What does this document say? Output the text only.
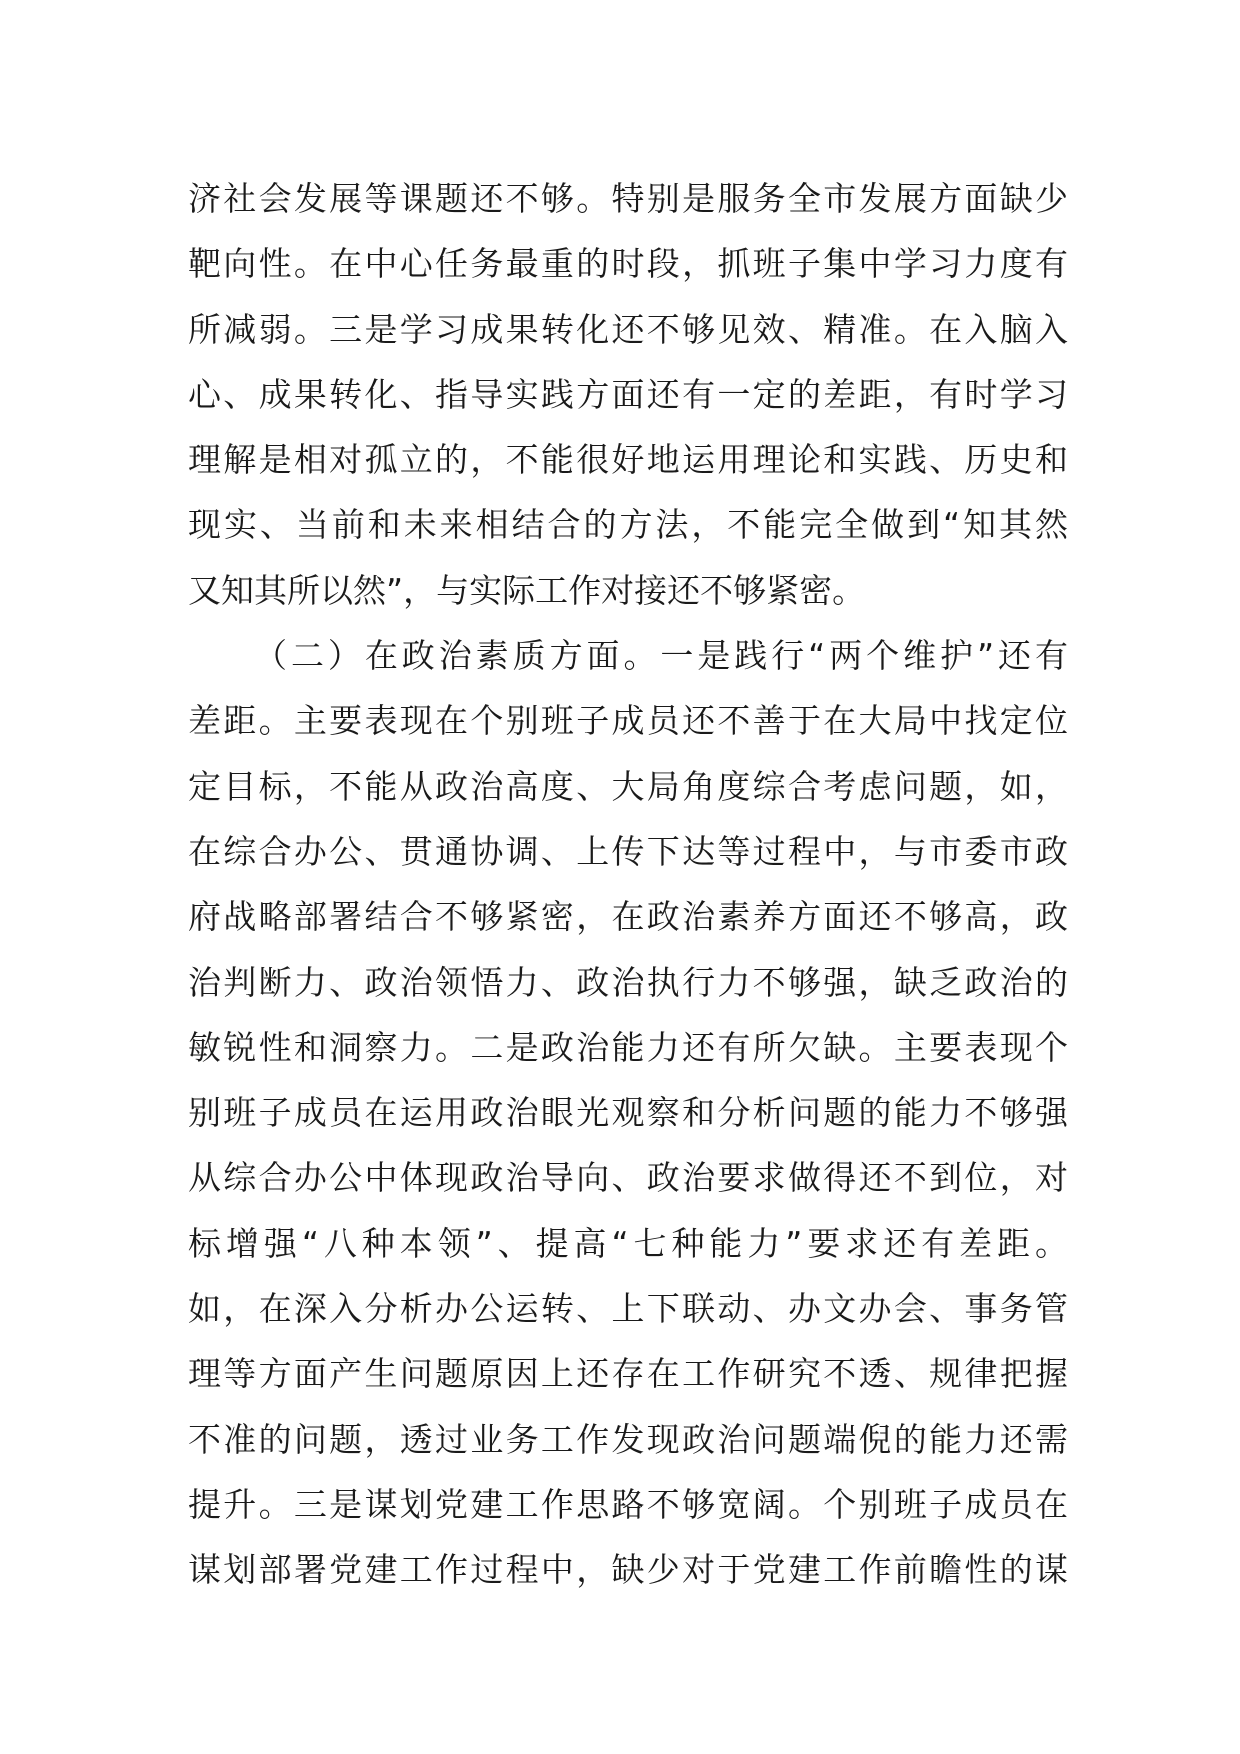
济社会发展等课题还不够。特别是服务全市发展方面缺少
靶向性。在中心任务最重的时段，抓班子集中学习力度有
所减弱。三是学习成果转化还不够见效、精准。在入脑入
心、成果转化、指导实践方面还有一定的差距，有时学习
理解是相对孤立的，不能很好地运用理论和实践、历史和
现实、当前和未来相结合的方法，不能完全做到“知其然
又知其所以然”，与实际工作对接还不够紧密。
（二）在政治素质方面。一是践行“两个维护”还有
差距。主要表现在个别班子成员还不善于在大局中找定位
定目标，不能从政治高度、大局角度综合考虑问题，如，
在综合办公、贯通协调、上传下达等过程中，与市委市政
府战略部署结合不够紧密，在政治素养方面还不够高，政
治判断力、政治领悟力、政治执行力不够强，缺乏政治的
敏锐性和洞察力。二是政治能力还有所欠缺。主要表现个
别班子成员在运用政治眼光观察和分析问题的能力不够强
从综合办公中体现政治导向、政治要求做得还不到位，对
标增强“八种本领”、提高“七种能力”要求还有差距。
如，在深入分析办公运转、上下联动、办文办会、事务管
理等方面产生问题原因上还存在工作研究不透、规律把握
不准的问题，透过业务工作发现政治问题端倪的能力还需
提升。三是谋划党建工作思路不够宽阔。个别班子成员在
谋划部署党建工作过程中，缺少对于党建工作前瞻性的谋
